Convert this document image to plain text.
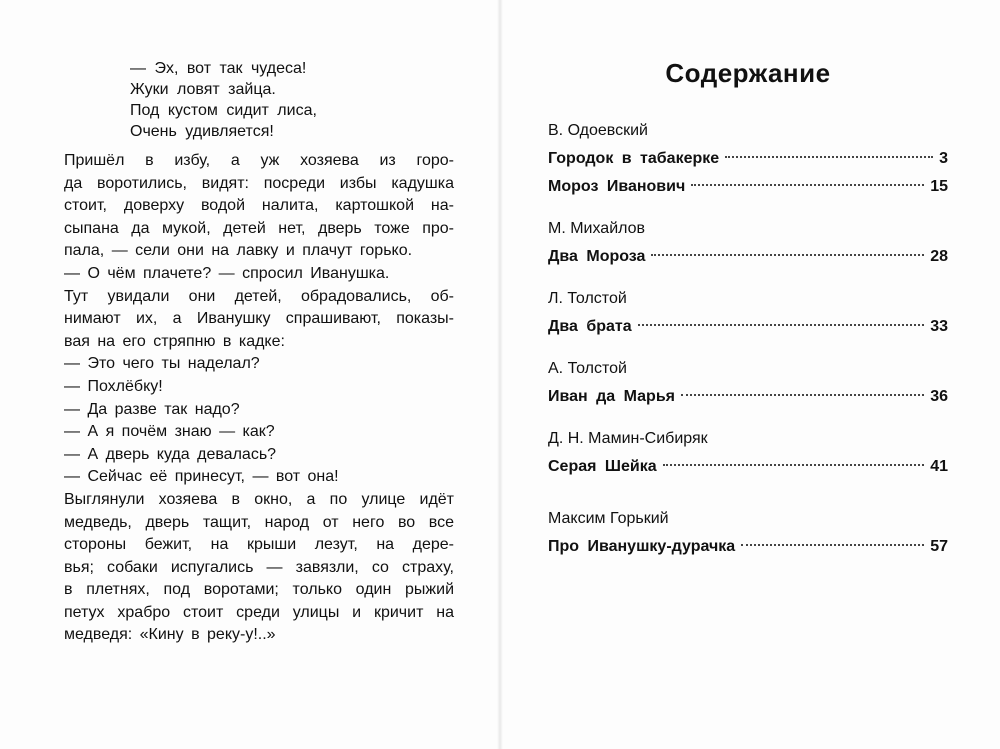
— Эх, вот так чудеса!
Жуки ловят зайца.
Под кустом сидит лиса,
Очень удивляется!

Пришёл в избу, а уж хозяева из горо-
да воротились, видят: посреди избы кадушка
стоит, доверху водой налита, картошкой на-
сыпана да мукой, детей нет, дверь тоже про-
пала, — сели они на лавку и плачут горько.

— О чём плачете? — спросил Иванушка.

Тут увидали они детей, обрадовались, об-
нимают их, а Иванушку спрашивают, показы-
вая на его стряпню в кадке:

— Это чего ты наделал?

— Похлёбку!

— Да разве так надо?

— А я почём знаю — как?

— А дверь куда девалась?

— Сейчас её принесут, — вот она!

Выглянули хозяева в окно, а по улице идёт
медведь, дверь тащит, народ от него во все
стороны бежит, на крыши лезут, на дере-
вья; собаки испугались — завязли, со страху,
в плетнях, под воротами; только один рыжий
петух храбро стоит среди улицы и кричит на
медведя: «Кину в реку-у!..»

Содержание
В. Одоевский
Городок в табакерке	3
Мороз Иванович	15
М. Михайлов
Два Мороза	28
Л. Толстой
Два брата	33
А. Толстой
Иван да Марья	36
Д. Н. Мамин-Сибиряк
Серая Шейка	41
Максим Горький
Про Иванушку-дурачка	57
